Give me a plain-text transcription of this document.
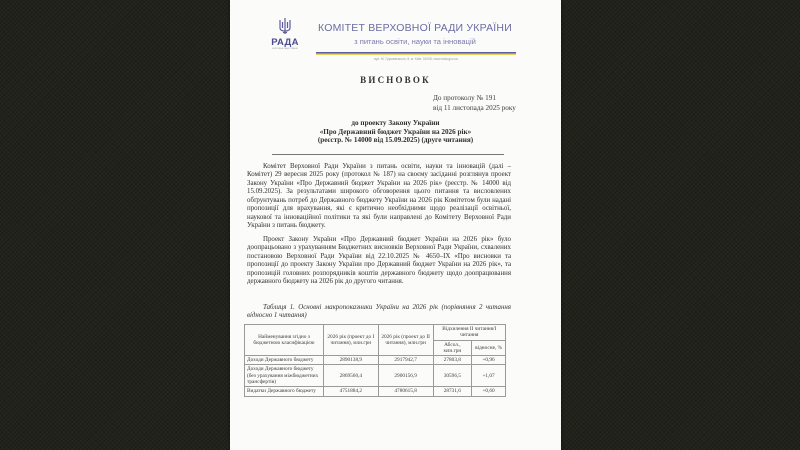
РАДА
ВЕРХОВНА РАДА УКРАЇНИ
КОМІТЕТ ВЕРХОВНОЇ РАДИ УКРАЇНИ
з питань освіти, науки та інновацій
вул. М. Грушевського, 5, м. Київ, 01008, www.rada.gov.ua
ВИСНОВОК
До протоколу № 191
від 11 листопада 2025 року
до проекту Закону України
«Про Державний бюджет України на 2026 рік»
(реєстр. № 14000 від 15.09.2025) (друге читання)

Комітет Верховної Ради України з питань освіти, науки та інновацій (далі – Комітет) 29 вересня 2025 року (протокол № 187) на своєму засіданні розглянув проект Закону України «Про Державний бюджет України на 2026 рік» (реєстр. № 14000 від 15.09.2025). За результатами широкого обговорення цього питання та висловлених обґрунтувань потреб до Державного бюджету України на 2026 рік Комітетом були надані пропозиції для врахування, які є критично необхідними щодо реалізації освітньої, наукової та інноваційної політики та які були направлені до Комітету Верховної Ради України з питань бюджету.

Проект Закону України «Про Державний бюджет України на 2026 рік» було доопрацьовано з урахуванням Бюджетних висновків Верховної Ради України, схвалених постановою Верховної Ради України від 22.10.2025 № 4650–IX «Про висновки та пропозиції до проекту Закону України про Державний бюджет України на 2026 рік», та пропозицій головних розпорядників коштів державного бюджету щодо доопрацювання державного бюджету на 2026 рік до другого читання.

Таблиця 1. Основні макропоказники України на 2026 рік (порівняння 2 читання відносно 1 читання)
Найменування згідно з бюджетною класифікацією	2026 рік (проект до I читання), млн.грн	2026 рік (проект до II читання), млн.грн	Відхилення II читання/I читання	
			Абсол., млн.грн	відносне, %
Доходи Державного бюджету	2890138,9	2917942,7	27803,8	+0,96
Доходи Державного бюджету (без урахування міжбюджетних трансфертів)	2869560,4	2900156,9	30596,5	+1,07
Видатки Державного бюджету	4751884,2	4780615,8	28731,6	+0,60
